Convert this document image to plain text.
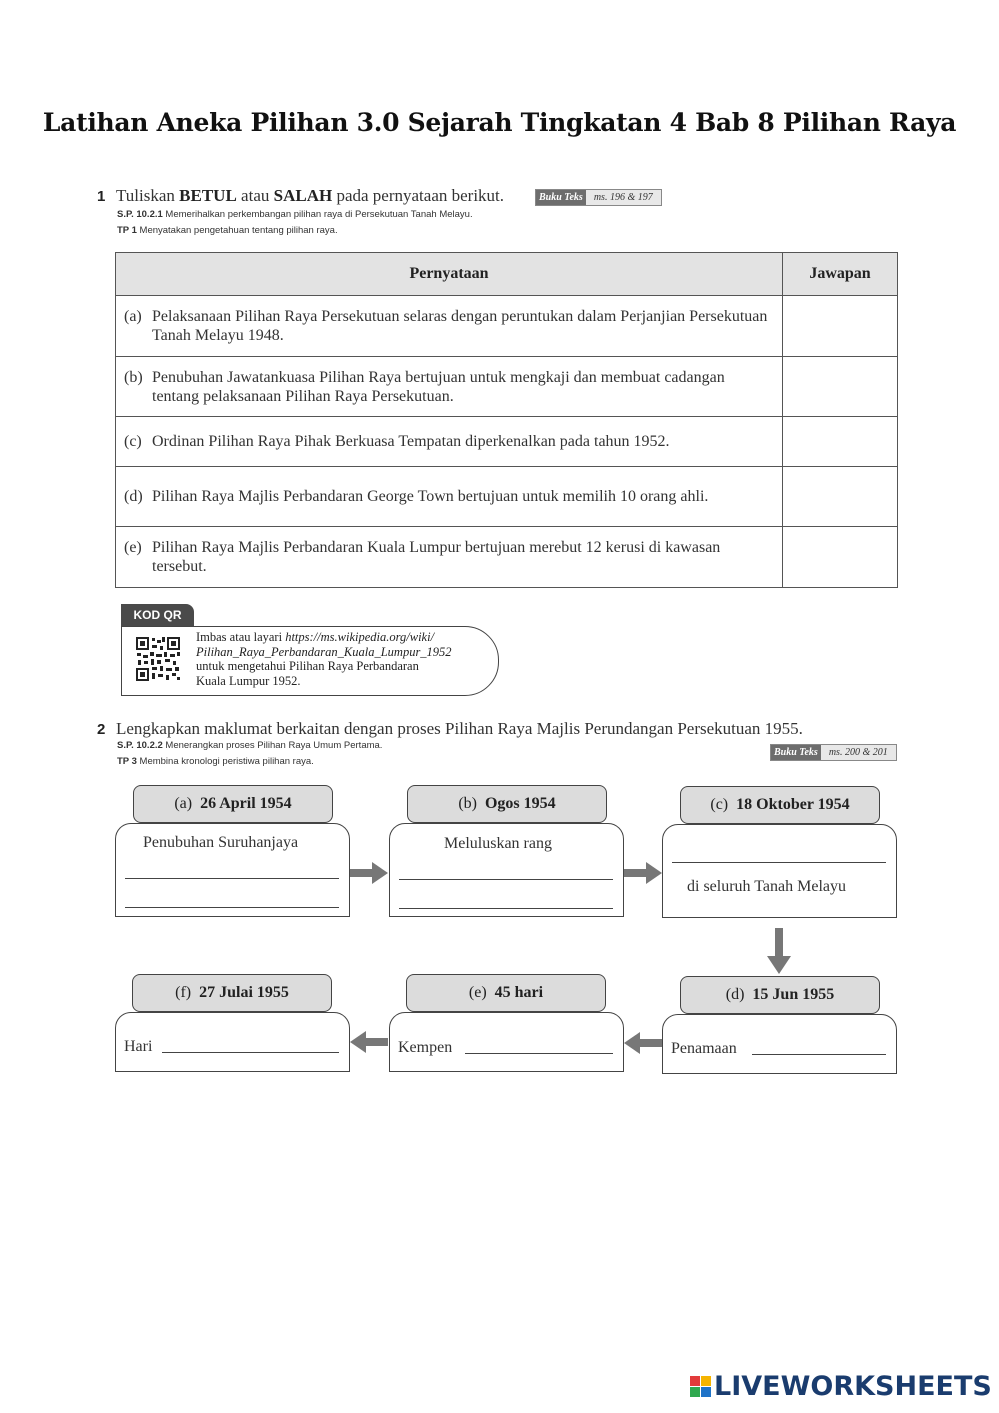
Latihan Aneka Pilihan 3.0 Sejarah Tingkatan 4 Bab 8 Pilihan Raya
1 Tuliskan BETUL atau SALAH pada pernyataan berikut.	Buku Teks	ms. 196 & 197
S.P. 10.2.1 Memerihalkan perkembangan pilihan raya di Persekutuan Tanah Melayu.
TP 1 Menyatakan pengetahuan tentang pilihan raya.
Pernyataan	Jawapan
(a) Pelaksanaan Pilihan Raya Persekutuan selaras dengan peruntukan dalam Perjanjian Persekutuan Tanah Melayu 1948.	
(b) Penubuhan Jawatankuasa Pilihan Raya bertujuan untuk mengkaji dan membuat cadangan tentang pelaksanaan Pilihan Raya Persekutuan.	
(c) Ordinan Pilihan Raya Pihak Berkuasa Tempatan diperkenalkan pada tahun 1952.	
(d) Pilihan Raya Majlis Perbandaran George Town bertujuan untuk memilih 10 orang ahli.	
(e) Pilihan Raya Majlis Perbandaran Kuala Lumpur bertujuan merebut 12 kerusi di kawasan tersebut.	
KOD QR
Imbas atau layari https://ms.wikipedia.org/wiki/
Pilihan_Raya_Perbandaran_Kuala_Lumpur_1952
untuk mengetahui Pilihan Raya Perbandaran
Kuala Lumpur 1952.
2 Lengkapkan maklumat berkaitan dengan proses Pilihan Raya Majlis Perundangan Persekutuan 1955.
S.P. 10.2.2 Menerangkan proses Pilihan Raya Umum Pertama.
TP 3 Membina kronologi peristiwa pilihan raya.
Buku Teks	ms. 200 & 201
(a) 26 April 1954
Penubuhan Suruhanjaya
(b) Ogos 1954
Meluluskan rang
(c) 18 Oktober 1954
di seluruh Tanah Melayu
(f) 27 Julai 1955
Hari
(e) 45 hari
Kempen
(d) 15 Jun 1955
Penamaan
LIVEWORKSHEETS
